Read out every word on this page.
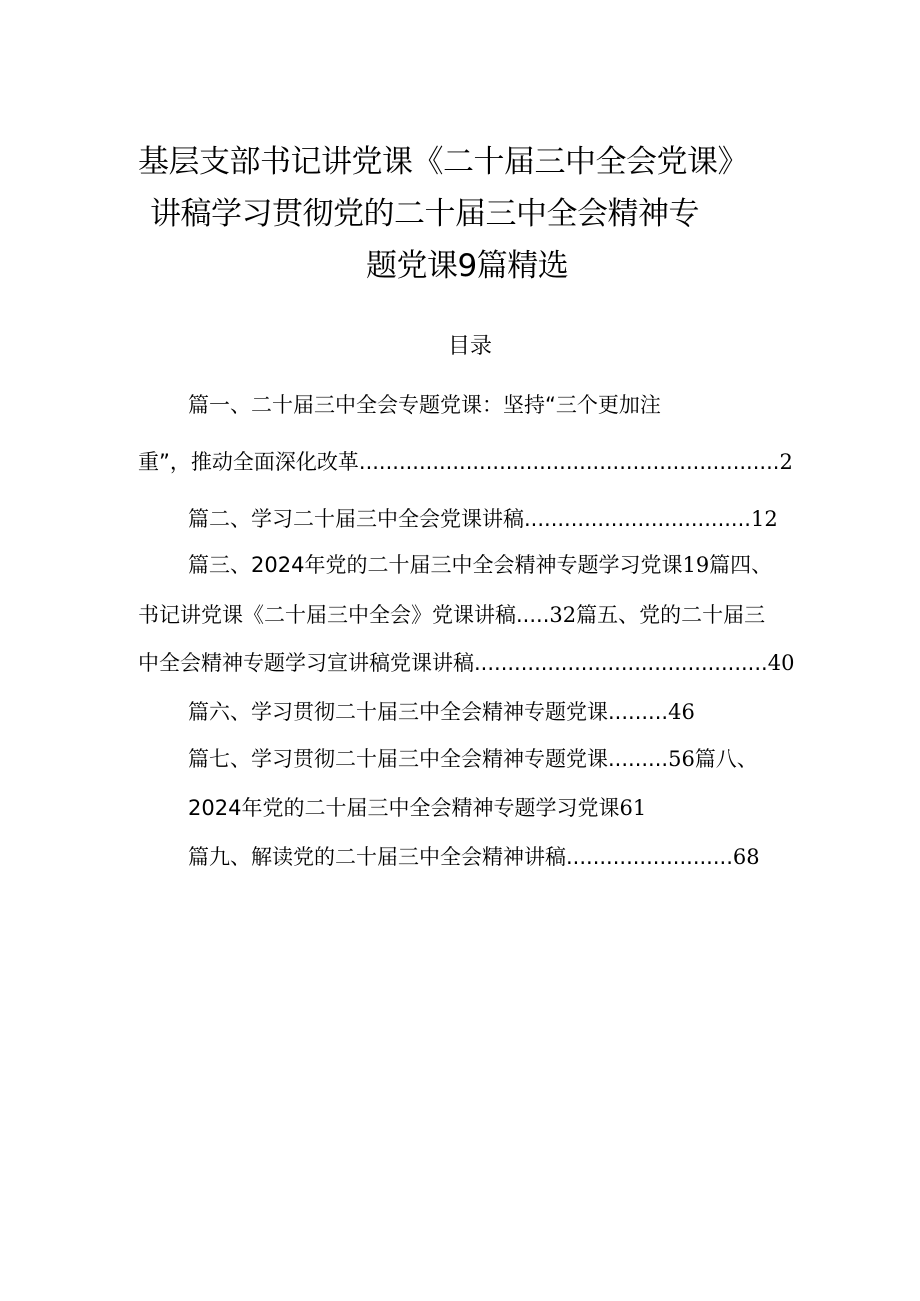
基层支部书记讲党课《二十届三中全会党课》
讲稿学习贯彻党的二十届三中全会精神专
题党课9篇精选
目录
篇一、二十届三中全会专题党课：坚持“三个更加注
重”，推动全面深化改革...............................................................2
篇二、学习二十届三中全会党课讲稿..................................12
篇三、2024年党的二十届三中全会精神专题学习党课19篇四、
书记讲党课《二十届三中全会》党课讲稿.....32篇五、党的二十届三
中全会精神专题学习宣讲稿党课讲稿............................................40
篇六、学习贯彻二十届三中全会精神专题党课.........46
篇七、学习贯彻二十届三中全会精神专题党课.........56篇八、
2024年党的二十届三中全会精神专题学习党课61
篇九、解读党的二十届三中全会精神讲稿.........................68
